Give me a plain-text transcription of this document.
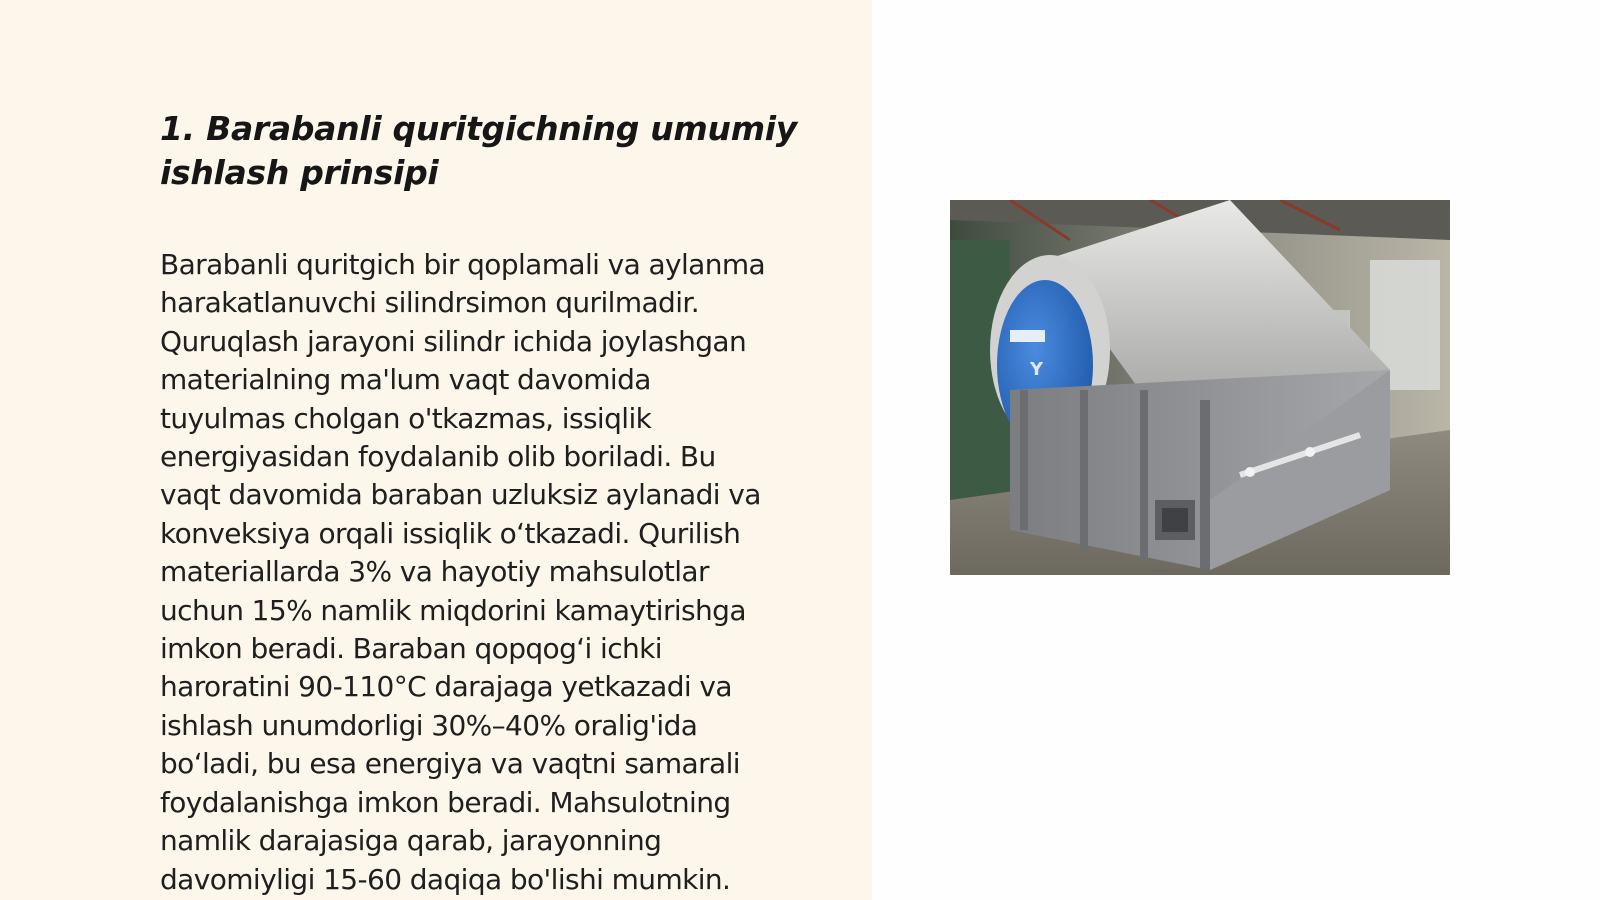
1. Barabanli quritgichning umumiy
ishlash prinsipi

Barabanli quritgich bir qoplamali va aylanma
harakatlanuvchi silindrsimon qurilmadir.
Quruqlash jarayoni silindr ichida joylashgan
materialning ma'lum vaqt davomida
tuyulmas cholgan o'tkazmas, issiqlik
energiyasidan foydalanib olib boriladi. Bu
vaqt davomida baraban uzluksiz aylanadi va
konveksiya orqali issiqlik oʻtkazadi. Qurilish
materiallarda 3% va hayotiy mahsulotlar
uchun 15% namlik miqdorini kamaytirishga
imkon beradi. Baraban qopqogʻi ichki
haroratini 90-110°C darajaga yetkazadi va
ishlash unumdorligi 30%–40% oralig'ida
boʻladi, bu esa energiya va vaqtni samarali
foydalanishga imkon beradi. Mahsulotning
namlik darajasiga qarab, jarayonning
davomiyligi 15-60 daqiqa bo'lishi mumkin.

Y
